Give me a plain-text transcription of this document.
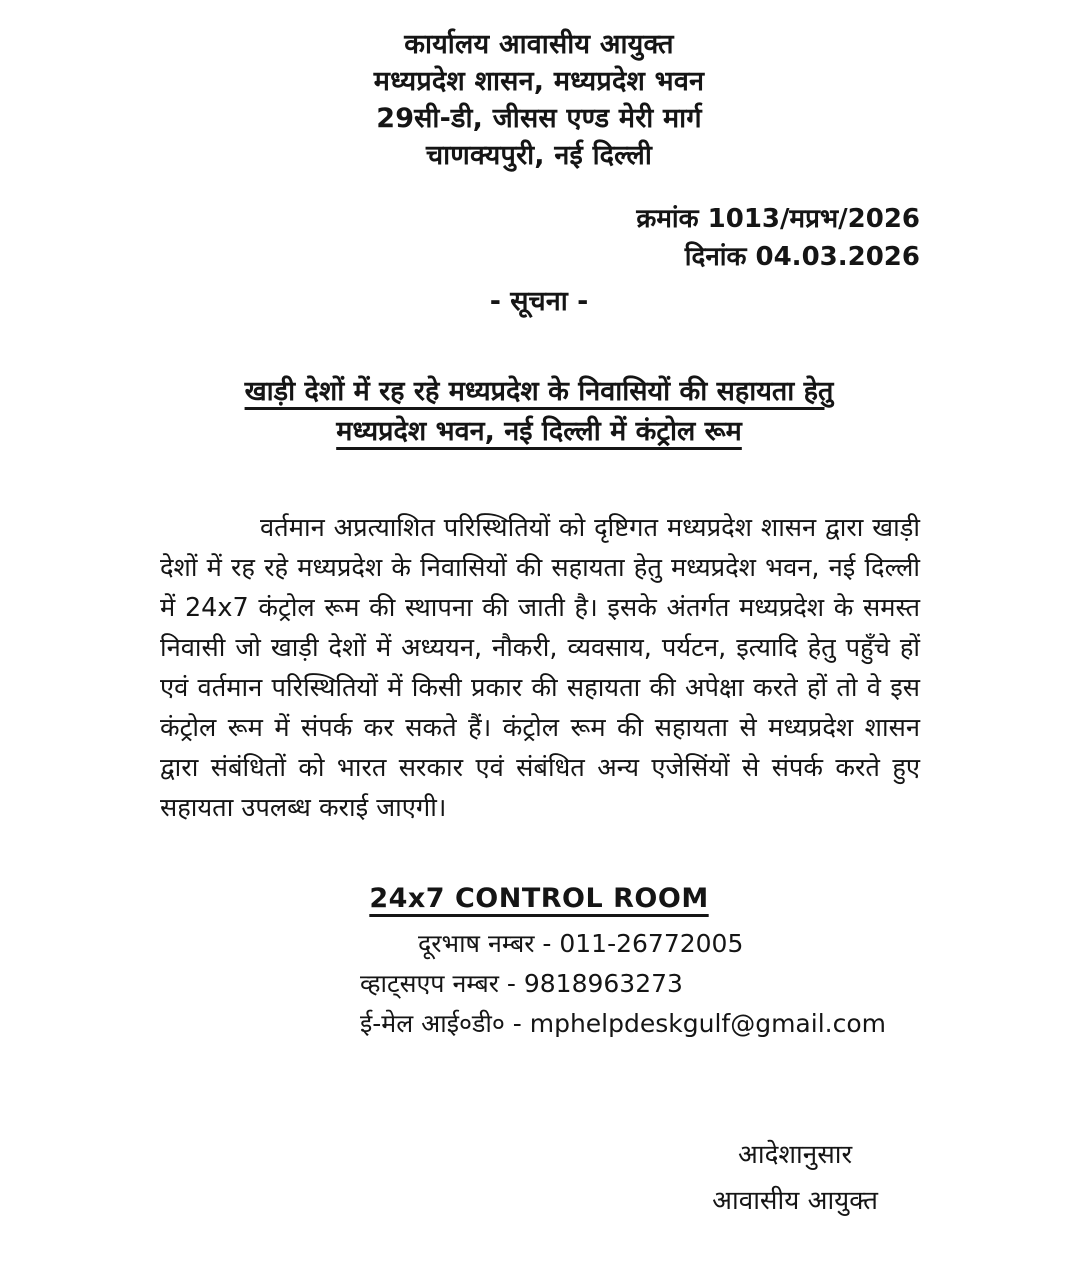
कार्यालय आवासीय आयुक्त
मध्यप्रदेश शासन, मध्यप्रदेश भवन
29सी-डी, जीसस एण्ड मेरी मार्ग
चाणक्यपुरी, नई दिल्ली
क्रमांक 1013/मप्रभ/2026
दिनांक 04.03.2026
- सूचना -
खाड़ी देशों में रह रहे मध्यप्रदेश के निवासियों की सहायता हेतु
मध्यप्रदेश भवन, नई दिल्ली में कंट्रोल रूम

वर्तमान अप्रत्याशित परिस्थितियों को दृष्टिगत मध्यप्रदेश शासन द्वारा खाड़ी देशों में रह रहे मध्यप्रदेश के निवासियों की सहायता हेतु मध्यप्रदेश भवन, नई दिल्ली में 24x7 कंट्रोल रूम की स्थापना की जाती है। इसके अंतर्गत मध्यप्रदेश के समस्त निवासी जो खाड़ी देशों में अध्ययन, नौकरी, व्यवसाय, पर्यटन, इत्यादि हेतु पहुँचे हों एवं वर्तमान परिस्थितियों में किसी प्रकार की सहायता की अपेक्षा करते हों तो वे इस कंट्रोल रूम में संपर्क कर सकते हैं। कंट्रोल रूम की सहायता से मध्यप्रदेश शासन द्वारा संबंधितों को भारत सरकार एवं संबंधित अन्य एजेसिंयों से संपर्क करते हुए सहायता उपलब्ध कराई जाएगी।

24x7 CONTROL ROOM
दूरभाष नम्बर - 011-26772005
व्हाट्सएप नम्बर - 9818963273
ई-मेल आई०डी० - mphelpdeskgulf@gmail.com
आदेशानुसार
आवासीय आयुक्त
